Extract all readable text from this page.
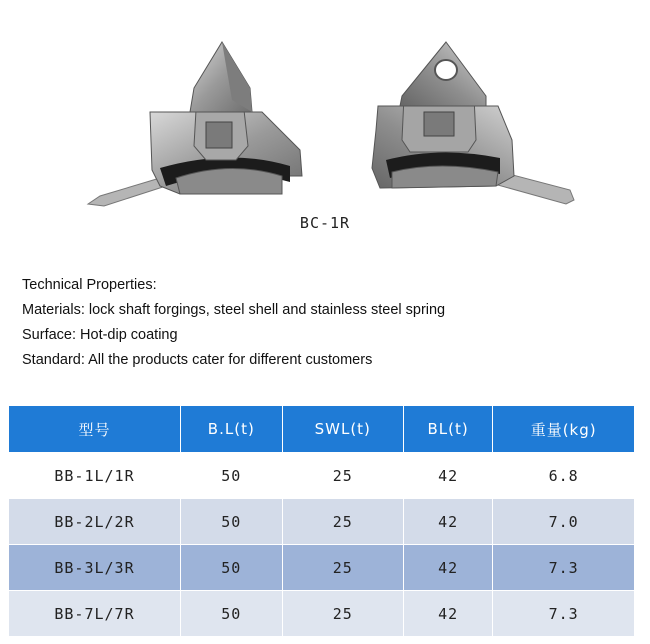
BC-1R
Technical Properties:
Materials: lock shaft forgings, steel shell and stainless steel spring
Surface: Hot-dip coating
Standard: All the products cater for different customers
型号	B.L(t)	SWL(t)	BL(t)	重量(kg)
BB-1L/1R	50	25	42	6.8
BB-2L/2R	50	25	42	7.0
BB-3L/3R	50	25	42	7.3
BB-7L/7R	50	25	42	7.3
